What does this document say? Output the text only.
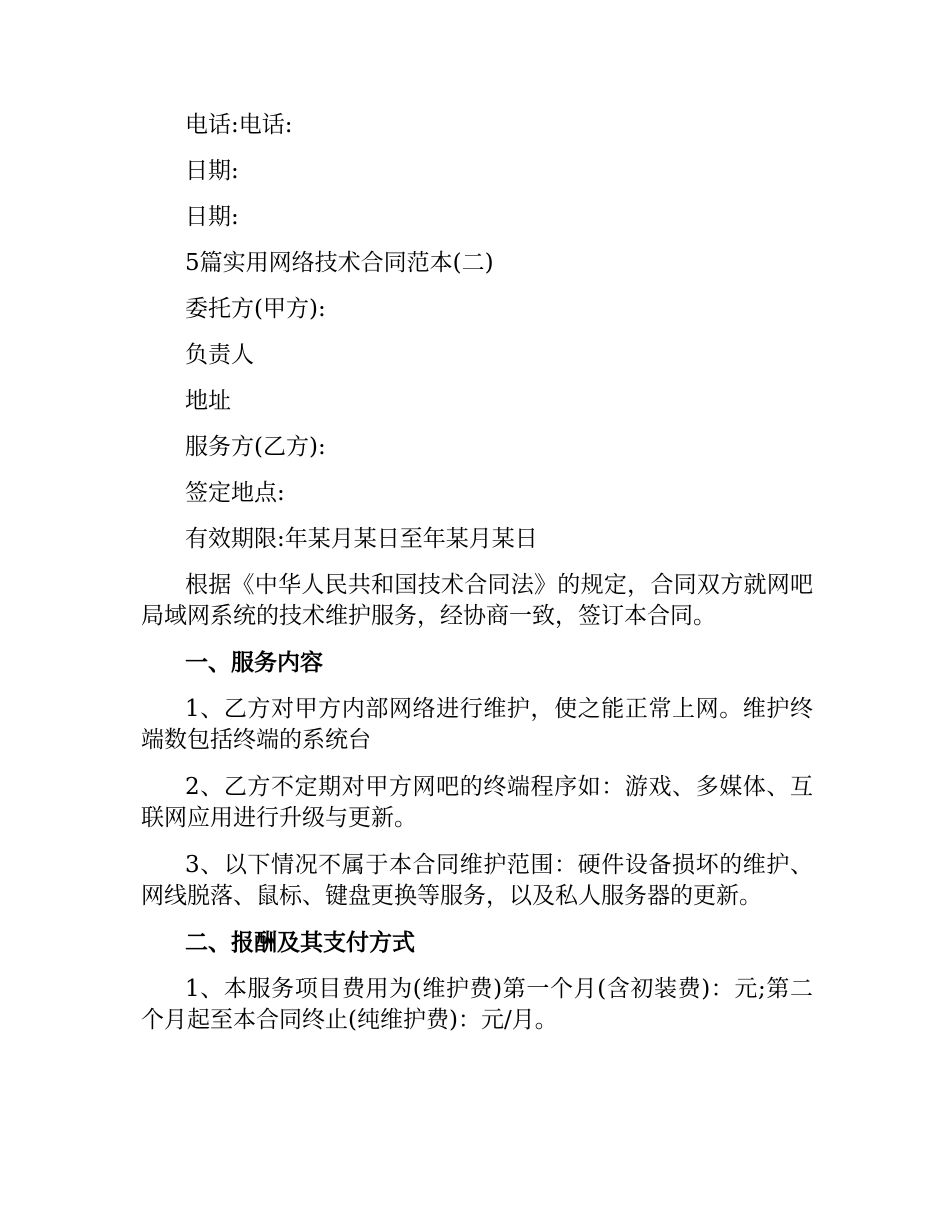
电话:电话:
日期:
日期:
5篇实用网络技术合同范本(二)
委托方(甲方):
负责人
地址
服务方(乙方):
签定地点:
有效期限:年某月某日至年某月某日

根据《中华人民共和国技术合同法》的规定，合同双方就网吧局域网系统的技术维护服务，经协商一致，签订本合同。

一、服务内容

1、乙方对甲方内部网络进行维护，使之能正常上网。维护终端数包括终端的系统台

2、乙方不定期对甲方网吧的终端程序如：游戏、多媒体、互联网应用进行升级与更新。

3、以下情况不属于本合同维护范围：硬件设备损坏的维护、网线脱落、鼠标、键盘更换等服务，以及私人服务器的更新。

二、报酬及其支付方式

1、本服务项目费用为(维护费)第一个月(含初装费)：元;第二个月起至本合同终止(纯维护费)：元/月。
